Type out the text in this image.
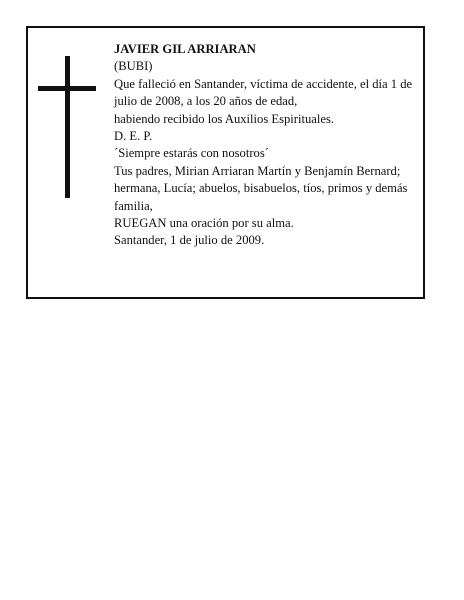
JAVIER GIL ARRIARAN

(BUBI)

Que falleció en Santander, víctima de accidente, el día 1 de julio de 2008, a los 20 años de edad,

habiendo recibido los Auxilios Espirituales.

D. E. P.

´Siempre estarás con nosotros´

Tus padres, Mirian Arriaran Martín y Benjamín Bernard; hermana, Lucía; abuelos, bisabuelos, tíos, primos y demás familia,

RUEGAN una oración por su alma.

Santander, 1 de julio de 2009.
